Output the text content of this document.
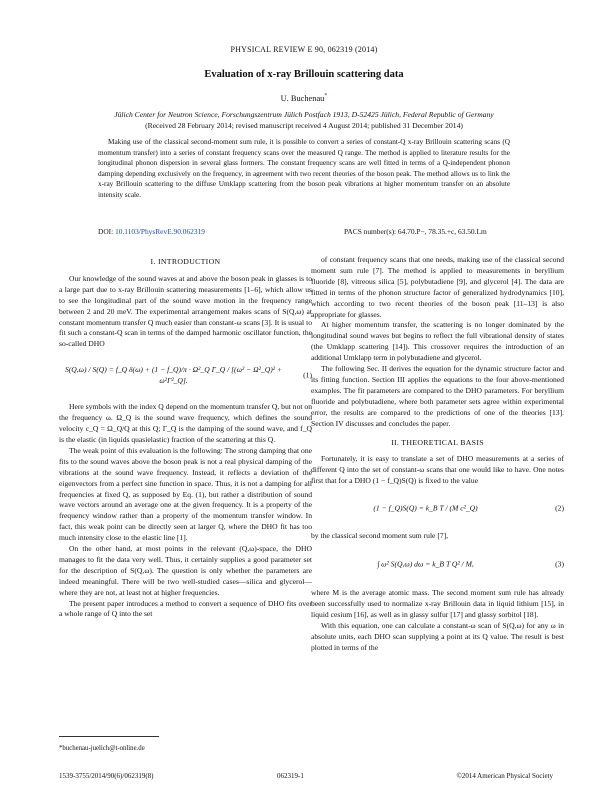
PHYSICAL REVIEW E 90, 062319 (2014)
Evaluation of x-ray Brillouin scattering data
U. Buchenau*
Jülich Center for Neutron Science, Forschungszentrum Jülich Postfach 1913, D-52425 Jülich, Federal Republic of Germany
(Received 28 February 2014; revised manuscript received 4 August 2014; published 31 December 2014)
Making use of the classical second-moment sum rule, it is possible to convert a series of constant-Q x-ray Brillouin scattering scans (Q momentum transfer) into a series of constant frequency scans over the measured Q range. The method is applied to literature results for the longitudinal phonon dispersion in several glass formers. The constant frequency scans are well fitted in terms of a Q-independent phonon damping depending exclusively on the frequency, in agreement with two recent theories of the boson peak. The method allows us to link the x-ray Brillouin scattering to the diffuse Umklapp scattering from the boson peak vibrations at higher momentum transfer on an absolute intensity scale.
DOI: 10.1103/PhysRevE.90.062319	PACS number(s): 64.70.P−, 78.35.+c, 63.50.Lm

I. INTRODUCTION

Our knowledge of the sound waves at and above the boson peak in glasses is to a large part due to x-ray Brillouin scattering measurements [1–6], which allow us to see the longitudinal part of the sound wave motion in the frequency range between 2 and 20 meV. The experimental arrangement makes scans of S(Q,ω) at constant momentum transfer Q much easier than constant-ω scans [3]. It is usual to fit such a constant-Q scan in terms of the damped harmonic oscillator function, the so-called DHO

S(Q,ω) / S(Q) = f_Q δ(ω) + (1 − f_Q)/π · Ω²_Q Γ_Q / [(ω² − Ω²_Q)² + ω²Γ²_Q].
(1)

Here symbols with the index Q depend on the momentum transfer Q, but not on the frequency ω. Ω_Q is the sound wave frequency, which defines the sound velocity c_Q = Ω_Q/Q at this Q; Γ_Q is the damping of the sound wave, and f_Q is the elastic (in liquids quasielastic) fraction of the scattering at this Q.

The weak point of this evaluation is the following: The strong damping that one fits to the sound waves above the boson peak is not a real physical damping of the vibrations at the sound wave frequency. Instead, it reflects a deviation of the eigenvectors from a perfect sine function in space. Thus, it is not a damping for all frequencies at fixed Q, as supposed by Eq. (1), but rather a distribution of sound wave vectors around an average one at the given frequency. It is a property of the frequency window rather than a property of the momentum transfer window. In fact, this weak point can be directly seen at larger Q, where the DHO fit has too much intensity close to the elastic line [1].

On the other hand, at most points in the relevant (Q,ω)-space, the DHO manages to fit the data very well. Thus, it certainly supplies a good parameter set for the description of S(Q,ω). The question is only whether the parameters are indeed meaningful. There will be two well-studied cases—silica and glycerol—where they are not, at least not at higher frequencies.

The present paper introduces a method to convert a sequence of DHO fits over a whole range of Q into the set

of constant frequency scans that one needs, making use of the classical second moment sum rule [7]. The method is applied to measurements in beryllium fluoride [8], vitreous silica [5], polybutadiene [9], and glycerol [4]. The data are fitted in terms of the phonon structure factor of generalized hydrodynamics [10], which according to two recent theories of the boson peak [11–13] is also appropriate for glasses.

At higher momentum transfer, the scattering is no longer dominated by the longitudinal sound waves but begins to reflect the full vibrational density of states (the Umklapp scattering [14]). This crossover requires the introduction of an additional Umklapp term in polybutadiene and glycerol.

The following Sec. II derives the equation for the dynamic structure factor and its fitting function. Section III applies the equations to the four above-mentioned examples. The fit parameters are compared to the DHO parameters. For beryllium fluoride and polybutadiene, where both parameter sets agree within experimental error, the results are compared to the predictions of one of the theories [13]. Section IV discusses and concludes the paper.

II. THEORETICAL BASIS

Fortunately, it is easy to translate a set of DHO measurements at a series of different Q into the set of constant-ω scans that one would like to have. One notes first that for a DHO (1 − f_Q)S(Q) is fixed to the value

(1 − f_Q)S(Q) = k_B T / (M c²_Q)	(2)

by the classical second moment sum rule [7],

∫ ω² S(Q,ω) dω = k_B T Q² / M,	(3)

where M is the average atomic mass. The second moment sum rule has already been successfully used to normalize x-ray Brillouin data in liquid lithium [15], in liquid cesium [16], as well as in glassy sulfur [17] and glassy sorbitol [18].

With this equation, one can calculate a constant-ω scan of S(Q,ω) for any ω in absolute units, each DHO scan supplying a point at its Q value. The result is best plotted in terms of the

*buchenau-juelich@t-online.de
1539-3755/2014/90(6)/062319(8)	062319-1	©2014 American Physical Society
